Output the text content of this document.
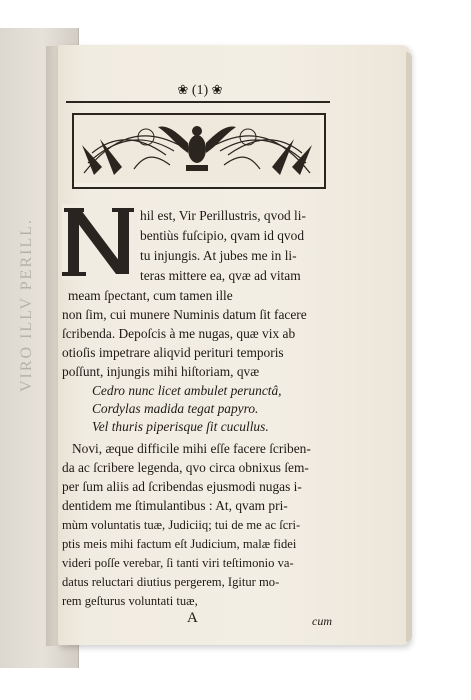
VIRO ILLV PERILL.
❀ (1) ❀
N
hil est, Vir Perillustris, qvod li-
bentiùs fuſcipio, qvam id qvod
tu injungis. At jubes me in li-
teras mittere ea, qvæ ad vitam
meam ſpectant, cum tamen ille
non ſim, cui munere Numinis datum ſit facere
ſcribenda. Depoſcis à me nugas, quæ vix ab
otioſis impetrare aliqvid perituri temporis
poſſunt, injungis mihi hiſtoriam, qvæ
Cedro nunc licet ambulet perunctâ,
Cordylas madida tegat papyro.
Vel thuris piperisque ſit cucullus.
Novi, æque difficile mihi eſſe facere ſcriben-
da ac ſcribere legenda, qvo circa obnixus ſem-
per ſum aliis ad ſcribendas ejusmodi nugas i-
dentidem me ſtimulantibus : At, qvam pri-
mùm voluntatis tuæ, Judiciiq; tui de me ac ſcri-
ptis meis mihi factum eſt Judicium, malæ fidei
videri poſſe verebar, ſi tanti viri teſtimonio va-
datus reluctari diutius pergerem, Igitur mo-
rem geſturus voluntati tuæ,
A	cum
